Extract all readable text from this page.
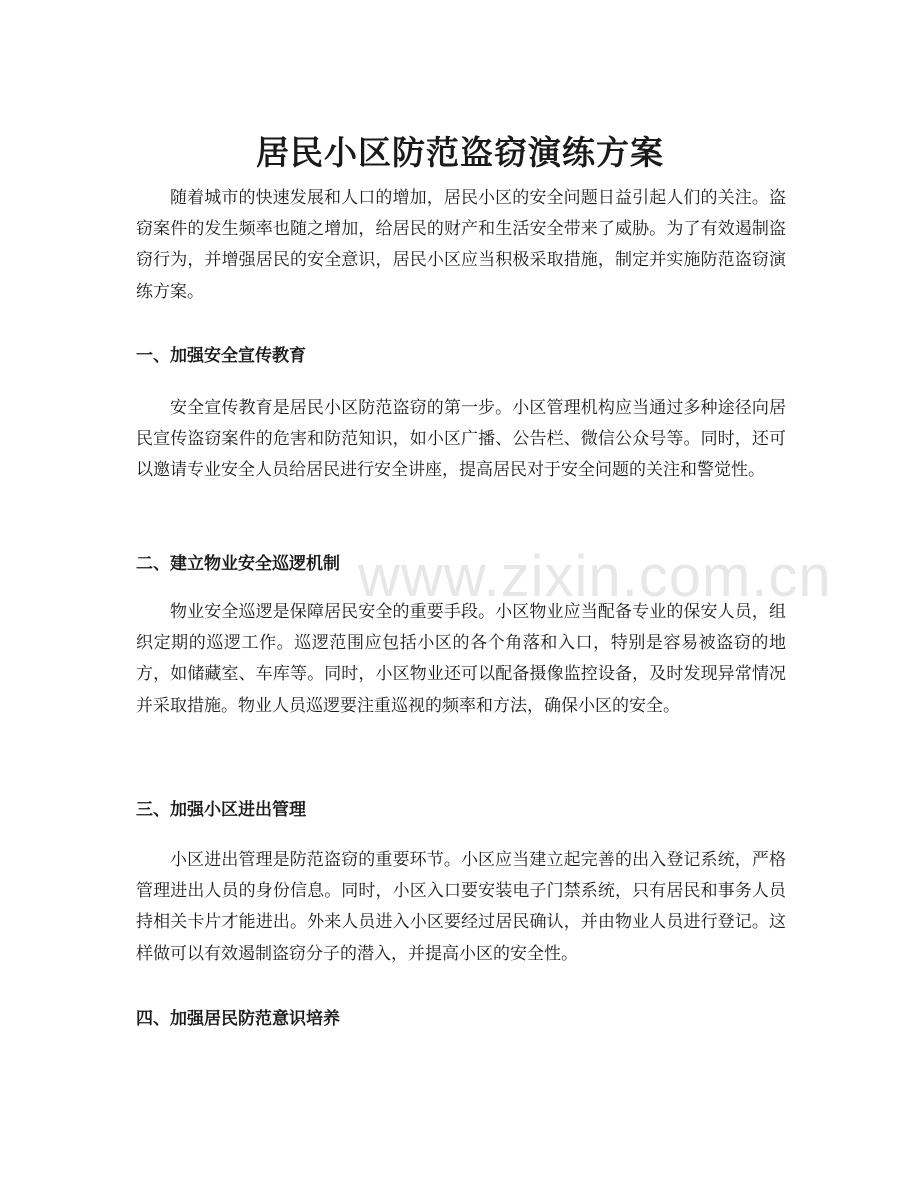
居民小区防范盗窃演练方案

随着城市的快速发展和人口的增加，居民小区的安全问题日益引起人们的关注。盗窃案件的发生频率也随之增加，给居民的财产和生活安全带来了威胁。为了有效遏制盗窃行为，并增强居民的安全意识，居民小区应当积极采取措施，制定并实施防范盗窃演练方案。

一、加强安全宣传教育

安全宣传教育是居民小区防范盗窃的第一步。小区管理机构应当通过多种途径向居民宣传盗窃案件的危害和防范知识，如小区广播、公告栏、微信公众号等。同时，还可以邀请专业安全人员给居民进行安全讲座，提高居民对于安全问题的关注和警觉性。

二、建立物业安全巡逻机制

物业安全巡逻是保障居民安全的重要手段。小区物业应当配备专业的保安人员，组织定期的巡逻工作。巡逻范围应包括小区的各个角落和入口，特别是容易被盗窃的地方，如储藏室、车库等。同时，小区物业还可以配备摄像监控设备，及时发现异常情况并采取措施。物业人员巡逻要注重巡视的频率和方法，确保小区的安全。

三、加强小区进出管理

小区进出管理是防范盗窃的重要环节。小区应当建立起完善的出入登记系统，严格管理进出人员的身份信息。同时，小区入口要安装电子门禁系统，只有居民和事务人员持相关卡片才能进出。外来人员进入小区要经过居民确认，并由物业人员进行登记。这样做可以有效遏制盗窃分子的潜入，并提高小区的安全性。

四、加强居民防范意识培养
www.zixin.com.cn
